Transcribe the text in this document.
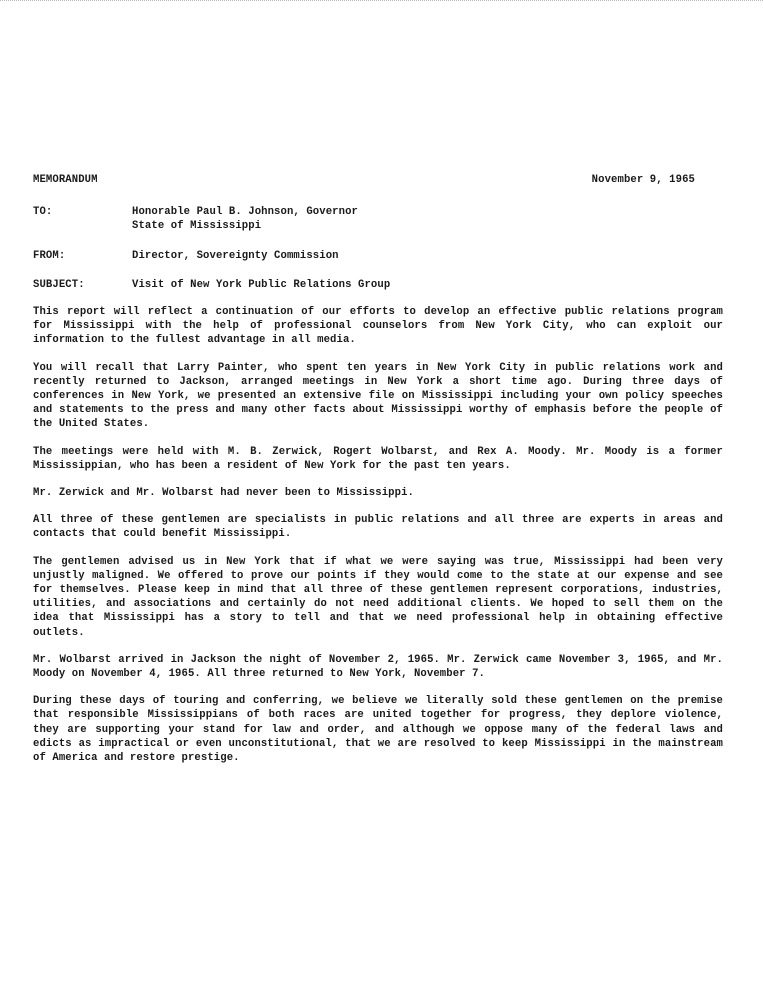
MEMORANDUM	November 9, 1965
TO:	Honorable Paul B. Johnson, Governor
State of Mississippi
FROM:	Director, Sovereignty Commission
SUBJECT:	Visit of New York Public Relations Group

This report will reflect a continuation of our efforts to develop an effective public relations program for Mississippi with the help of professional counselors from New York City, who can exploit our information to the fullest advantage in all media.

You will recall that Larry Painter, who spent ten years in New York City in public relations work and recently returned to Jackson, arranged meetings in New York a short time ago. During three days of conferences in New York, we presented an extensive file on Mississippi including your own policy speeches and statements to the press and many other facts about Mississippi worthy of emphasis before the people of the United States.

The meetings were held with M. B. Zerwick, Rogert Wolbarst, and Rex A. Moody. Mr. Moody is a former Mississippian, who has been a resident of New York for the past ten years.

Mr. Zerwick and Mr. Wolbarst had never been to Mississippi.

All three of these gentlemen are specialists in public relations and all three are experts in areas and contacts that could benefit Mississippi.

The gentlemen advised us in New York that if what we were saying was true, Mississippi had been very unjustly maligned. We offered to prove our points if they would come to the state at our expense and see for themselves. Please keep in mind that all three of these gentlemen represent corporations, industries, utilities, and associations and certainly do not need additional clients. We hoped to sell them on the idea that Mississippi has a story to tell and that we need professional help in obtaining effective outlets.

Mr. Wolbarst arrived in Jackson the night of November 2, 1965. Mr. Zerwick came November 3, 1965, and Mr. Moody on November 4, 1965. All three returned to New York, November 7.

During these days of touring and conferring, we believe we literally sold these gentlemen on the premise that responsible Mississippians of both races are united together for progress, they deplore violence, they are supporting your stand for law and order, and although we oppose many of the federal laws and edicts as impractical or even unconstitutional, that we are resolved to keep Mississippi in the mainstream of America and restore prestige.
